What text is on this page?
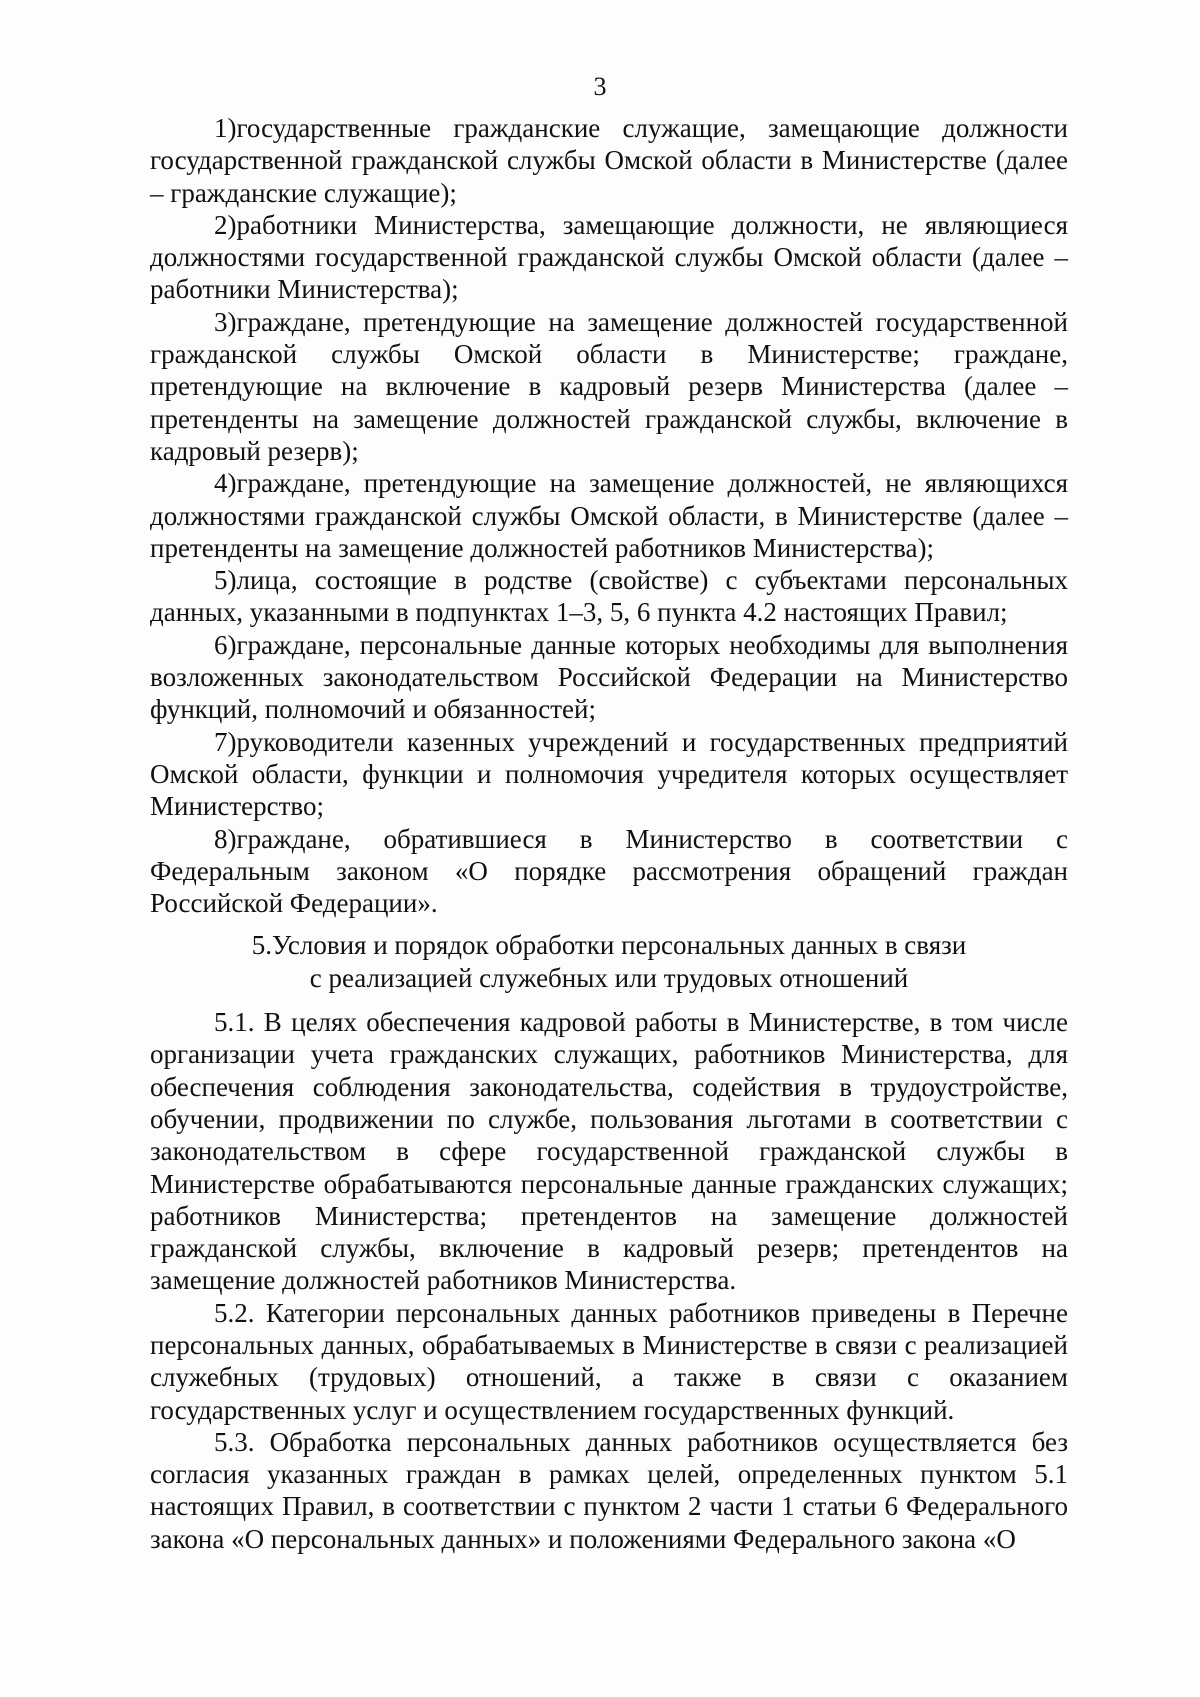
3

1)государственные гражданские служащие, замещающие должности государственной гражданской службы Омской области в Министерстве (далее – гражданские служащие);

2)работники Министерства, замещающие должности, не являющиеся должностями государственной гражданской службы Омской области (далее – работники Министерства);

3)граждане, претендующие на замещение должностей государственной гражданской службы Омской области в Министерстве; граждане, претендующие на включение в кадровый резерв Министерства (далее – претенденты на замещение должностей гражданской службы, включение в кадровый резерв);

4)граждане, претендующие на замещение должностей, не являющихся должностями гражданской службы Омской области, в Министерстве (далее – претенденты на замещение должностей работников Министерства);

5)лица, состоящие в родстве (свойстве) с субъектами персональных данных, указанными в подпунктах 1–3, 5, 6 пункта 4.2 настоящих Правил;

6)граждане, персональные данные которых необходимы для выполнения возложенных законодательством Российской Федерации на Министерство функций, полномочий и обязанностей;

7)руководители казенных учреждений и государственных предприятий Омской области, функции и полномочия учредителя которых осуществляет Министерство;

8)граждане, обратившиеся в Министерство в соответствии с Федеральным законом «О порядке рассмотрения обращений граждан Российской Федерации».

5.Условия и порядок обработки персональных данных в связи
с реализацией служебных или трудовых отношений

5.1. В целях обеспечения кадровой работы в Министерстве, в том числе организации учета гражданских служащих, работников Министерства, для обеспечения соблюдения законодательства, содействия в трудоустройстве, обучении, продвижении по службе, пользования льготами в соответствии с законодательством в сфере государственной гражданской службы в Министерстве обрабатываются персональные данные гражданских служащих; работников Министерства; претендентов на замещение должностей гражданской службы, включение в кадровый резерв; претендентов на замещение должностей работников Министерства.

5.2. Категории персональных данных работников приведены в Перечне персональных данных, обрабатываемых в Министерстве в связи с реализацией служебных (трудовых) отношений, а также в связи с оказанием государственных услуг и осуществлением государственных функций.

5.3. Обработка персональных данных работников осуществляется без согласия указанных граждан в рамках целей, определенных пунктом 5.1 настоящих Правил, в соответствии с пунктом 2 части 1 статьи 6 Федерального закона «О персональных данных» и положениями Федерального закона «О
